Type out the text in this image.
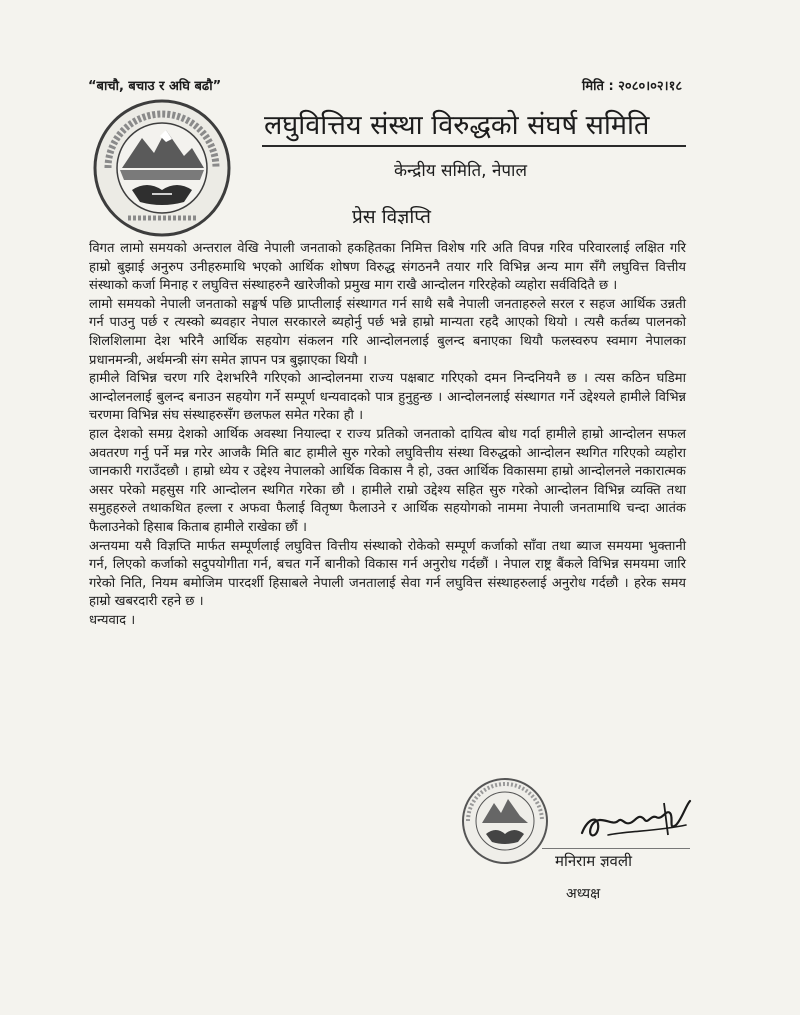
“बाचौ, बचाउ र अघि बढौ”	मिति : २०८०।०२।१८
लघुवित्तिय संस्था विरुद्धको संघर्ष समिति
केन्द्रीय समिति, नेपाल
प्रेस विज्ञप्ति

विगत लामो समयको अन्तराल वेखि नेपाली जनताको हकहितका निमित्त विशेष गरि अति विपन्न गरिव परिवारलाई लक्षित गरि हाम्रो बुझाई अनुरुप उनीहरुमाथि भएको आर्थिक शोषण विरुद्ध संगठननै तयार गरि विभिन्न अन्य माग सँगै लघुवित्त वित्तीय संस्थाको कर्जा मिनाह र लघुवित्त संस्थाहरुनै खारेजीको प्रमुख माग राखै आन्दोलन गरिरहेको व्यहोरा सर्वविदितै छ ।

लामो समयको नेपाली जनताको सङ्घर्ष पछि प्राप्तीलाई संस्थागत गर्न साथै सबै नेपाली जनताहरुले सरल र सहज आर्थिक उन्नती गर्न पाउनु पर्छ र त्यस्को ब्यवहार नेपाल सरकारले ब्यहोर्नु पर्छ भन्ने हाम्रो मान्यता रहदै आएको थियो । त्यसै कर्तब्य पालनको शिलशिलामा देश भरिनै आर्थिक सहयोग संकलन गरि आन्दोलनलाई बुलन्द बनाएका थियौ फलस्वरुप स्वमाग नेपालका प्रधानमन्त्री, अर्थमन्त्री संग समेत ज्ञापन पत्र बुझाएका थियौ ।

हामीले विभिन्न चरण गरि देशभरिनै गरिएको आन्दोलनमा राज्य पक्षबाट गरिएको दमन निन्दनियनै छ । त्यस कठिन घडिमा आन्दोलनलाई बुलन्द बनाउन सहयोग गर्ने सम्पूर्ण धन्यवादको पात्र हुनुहुन्छ । आन्दोलनलाई संस्थागत गर्ने उद्देश्यले हामीले विभिन्न चरणमा विभिन्न संघ संस्थाहरुसँग छलफल समेत गरेका हौ ।

हाल देशको समग्र देशको आर्थिक अवस्था नियाल्दा र राज्य प्रतिको जनताको दायित्व बोध गर्दा हामीले हाम्रो आन्दोलन सफल अवतरण गर्नु पर्ने मन्न गरेर आजकै मिति बाट हामीले सुरु गरेको लघुवित्तीय संस्था विरुद्धको आन्दोलन स्थगित गरिएको व्यहोरा जानकारी गराउँदछौ । हाम्रो ध्येय र उद्देश्य नेपालको आर्थिक विकास नै हो, उक्त आर्थिक विकासमा हाम्रो आन्दोलनले नकारात्मक असर परेको महसुस गरि आन्दोलन स्थगित गरेका छौ । हामीले राम्रो उद्देश्य सहित सुरु गरेको आन्दोलन विभिन्न व्यक्ति तथा समुहहरुले तथाकथित हल्ला र अफवा फैलाई वितृष्ण फैलाउने र आर्थिक सहयोगको नाममा नेपाली जनतामाथि चन्दा आतंक फैलाउनेको हिसाब किताब हामीले राखेका छौं ।

अन्तयमा यसै विज्ञप्ति मार्फत सम्पूर्णलाई लघुवित्त वित्तीय संस्थाको रोकेको सम्पूर्ण कर्जाको साँवा तथा ब्याज समयमा भुक्तानी गर्न, लिएको कर्जाको सदुपयोगीता गर्न, बचत गर्ने बानीको विकास गर्न अनुरोध गर्दछौं । नेपाल राष्ट्र बैंकले विभिन्न समयमा जारि गरेको निति, नियम बमोजिम पारदर्शी हिसाबले नेपाली जनतालाई सेवा गर्न लघुवित्त संस्थाहरुलाई अनुरोध गर्दछौ । हरेक समय हाम्रो खबरदारी रहने छ ।

धन्यवाद ।

मनिराम ज्ञवली
अध्यक्ष
